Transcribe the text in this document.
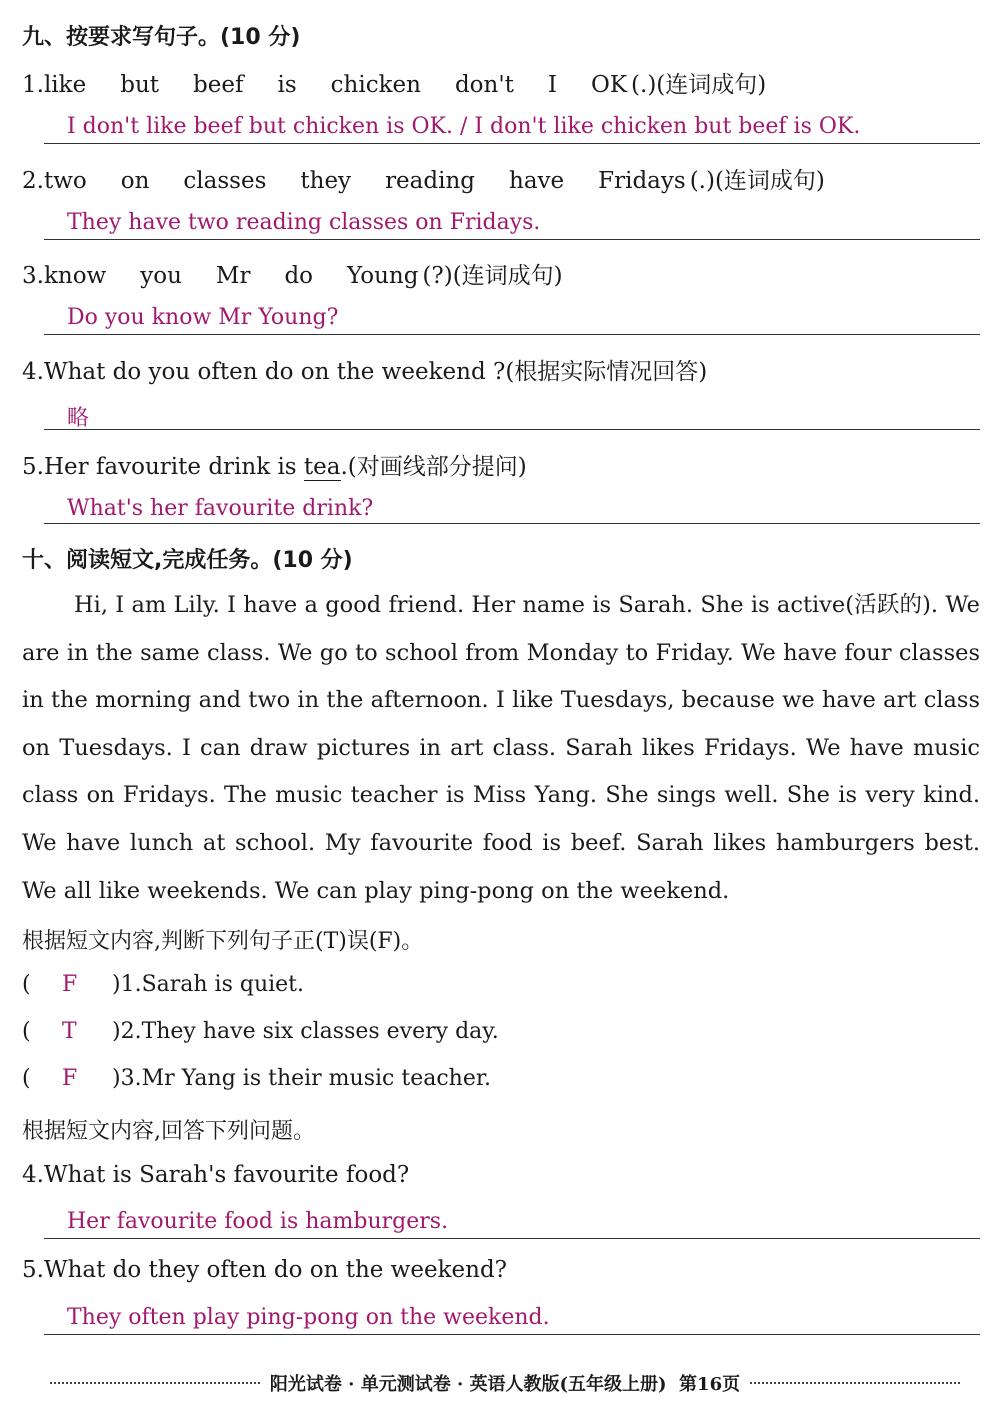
九、按要求写句子。(10 分)
1.like but beef is chicken don't I OK (.)(连词成句)
I don't like beef but chicken is OK. / I don't like chicken but beef is OK.
2.two on classes they reading have Fridays (.)(连词成句)
They have two reading classes on Fridays.
3.know you Mr do Young (?)(连词成句)
Do you know Mr Young?
4.What do you often do on the weekend ?(根据实际情况回答)
略
5.Her favourite drink is tea.(对画线部分提问)
What's her favourite drink?
十、阅读短文,完成任务。(10 分)
Hi, I am Lily. I have a good friend. Her name is Sarah. She is active(活跃的). We are in the same class. We go to school from Monday to Friday. We have four classes in the morning and two in the afternoon. I like Tuesdays, because we have art class on Tuesdays. I can draw pictures in art class. Sarah likes Fridays. We have music class on Fridays. The music teacher is Miss Yang. She sings well. She is very kind. We have lunch at school. My favourite food is beef. Sarah likes hamburgers best. We all like weekends. We can play ping-pong on the weekend.
根据短文内容,判断下列句子正(T)误(F)。
( F )1.Sarah is quiet.
( T )2.They have six classes every day.
( F )3.Mr Yang is their music teacher.
根据短文内容,回答下列问题。
4.What is Sarah's favourite food?
Her favourite food is hamburgers.
5.What do they often do on the weekend?
They often play ping-pong on the weekend.
阳光试卷 · 单元测试卷 · 英语人教版(五年级上册)  第16页
